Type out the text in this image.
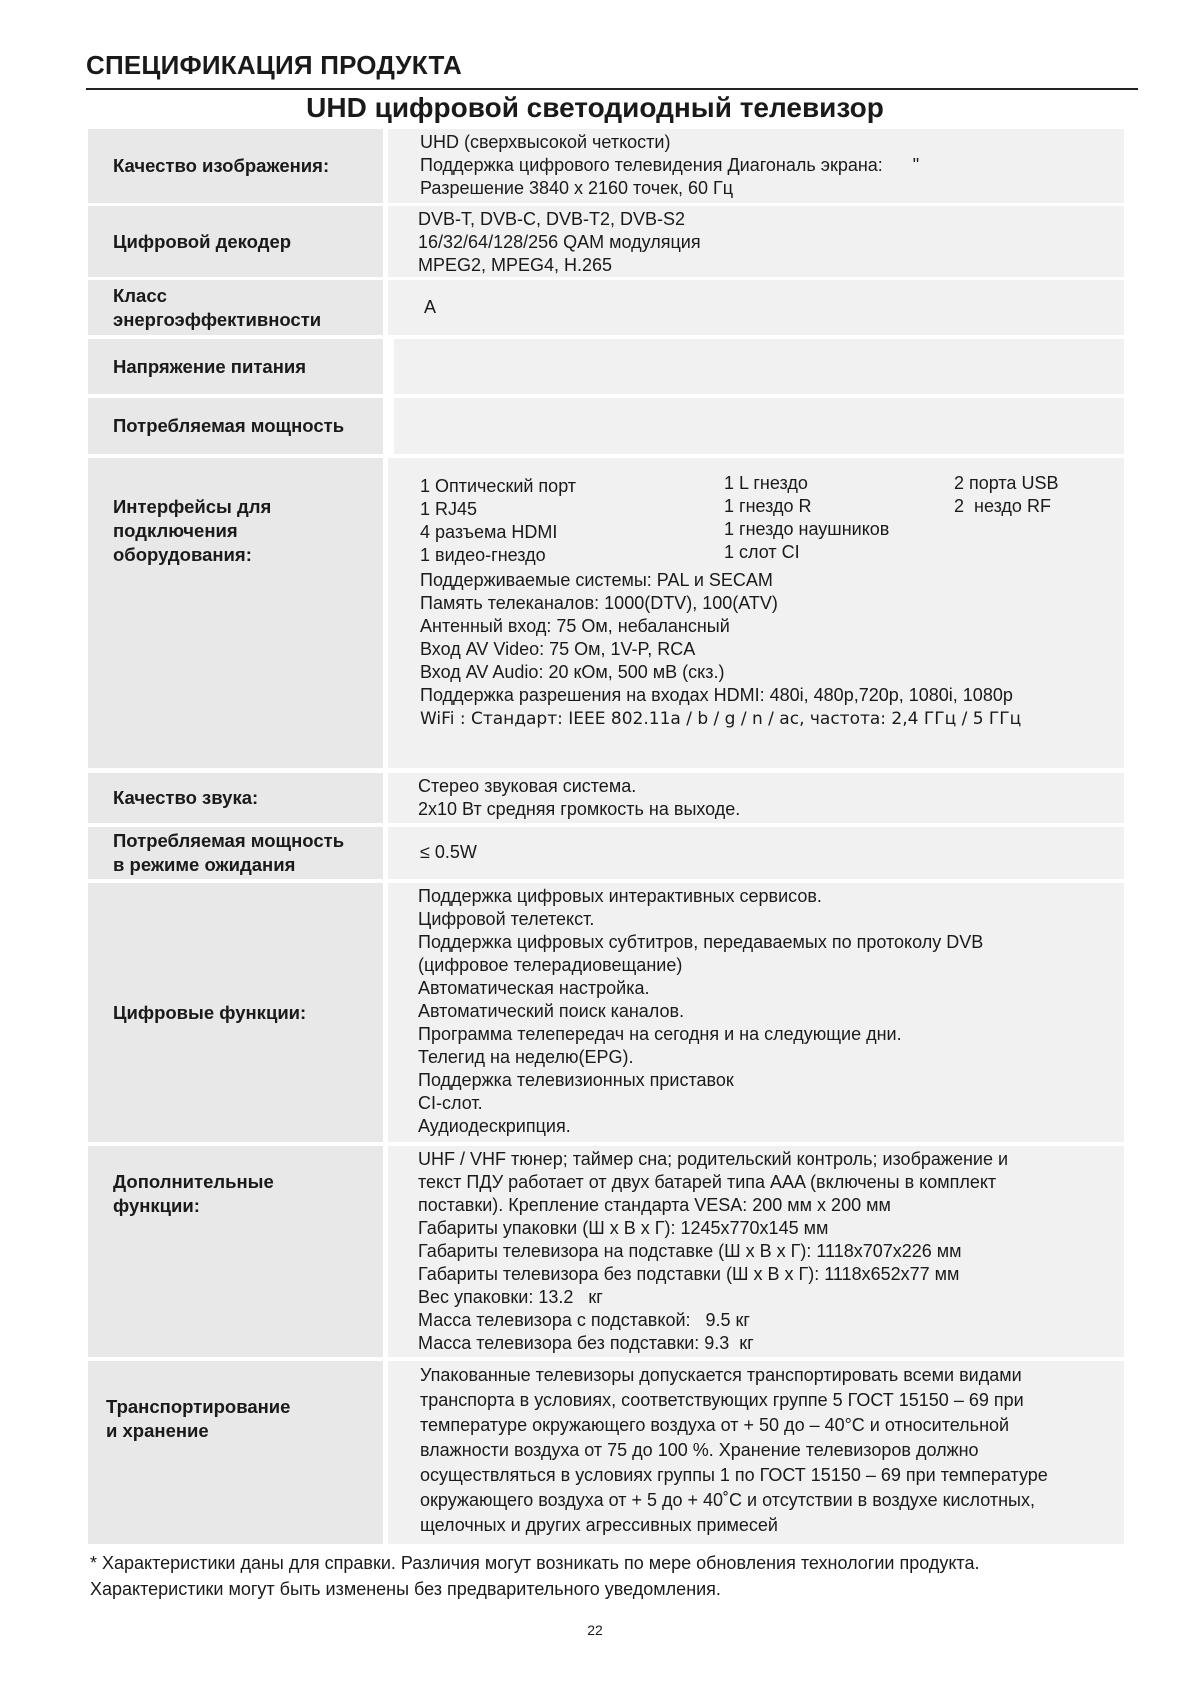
СПЕЦИФИКАЦИЯ ПРОДУКТА
UHD цифровой светодиодный телевизор
Качество изображения:
UHD (сверхвысокой четкости)
Поддержка цифрового телевидения Диагональ экрана:      "
Разрешение 3840 x 2160 точек, 60 Гц
Цифровой декодер
DVB-T, DVB-C, DVB-T2, DVB-S2
16/32/64/128/256 QAM модуляция
MPEG2, MPEG4, H.265
Класс
энергоэффективности
A
Напряжение питания
Потребляемая мощность
Интерфейсы для
подключения
оборудования:
1 Оптический порт
1 RJ45
4 разъема HDMI
1 видео-гнездо
1 L гнездо
1 гнездо R
1 гнездо наушников
1 слот CI
2 порта USB
2  нездо RF
Поддерживаемые системы: PAL и SECAM
Память телеканалов: 1000(DTV), 100(ATV)
Антенный вход: 75 Ом, небалансный
Вход AV Video: 75 Ом, 1V-P, RCA
Вход AV Audio: 20 кОм, 500 мВ (скз.)
Поддержка разрешения на входах HDMI: 480i, 480p,720p, 1080i, 1080p
WiFi : Стандарт: IEEE 802.11a / b / g / n / ac, частота: 2,4 ГГц / 5 ГГц
Качество звука:
Стерео звуковая система.
2x10 Вт средняя громкость на выходе.
Потребляемая мощность
в режиме ожидания
≤ 0.5W
Цифровые функции:
Поддержка цифровых интерактивных сервисов.
Цифровой телетекст.
Поддержка цифровых субтитров, передаваемых по протоколу DVB
(цифровое телерадиовещание)
Автоматическая настройка.
Автоматический поиск каналов.
Программа телепередач на сегодня и на следующие дни.
Телегид на неделю(EPG).
Поддержка телевизионных приставок
CI-слот.
Аудиодескрипция.
Дополнительные
функции:
UHF / VHF тюнер; таймер сна; родительский контроль; изображение и
текст ПДУ работает от двух батарей типа AAA (включены в комплект
поставки). Крепление стандарта VESA: 200 мм x 200 мм
Габариты упаковки (Ш x В x Г): 1245x770x145 мм
Габариты телевизора на подставке (Ш x В x Г): 1118x707x226 мм
Габариты телевизора без подставки (Ш x В x Г): 1118x652x77 мм
Вес упаковки: 13.2   кг
Масса телевизора с подставкой:   9.5 кг
Масса телевизора без подставки: 9.3  кг
Транспортирование
и хранение
Упакованные телевизоры допускается транспортировать всеми видами
транспорта в условиях, соответствующих группе 5 ГОСТ 15150 – 69 при
температуре окружающего воздуха от + 50 до – 40°C и относительной
влажности воздуха от 75 до 100 %. Хранение телевизоров должно
осуществляться в условиях группы 1 по ГОСТ 15150 – 69 при температуре
окружающего воздуха от + 5 до + 40˚С и отсутствии в воздухе кислотных,
щелочных и других агрессивных примесей
* Характеристики даны для справки. Различия могут возникать по мере обновления технологии продукта.
Характеристики могут быть изменены без предварительного уведомления.
22
